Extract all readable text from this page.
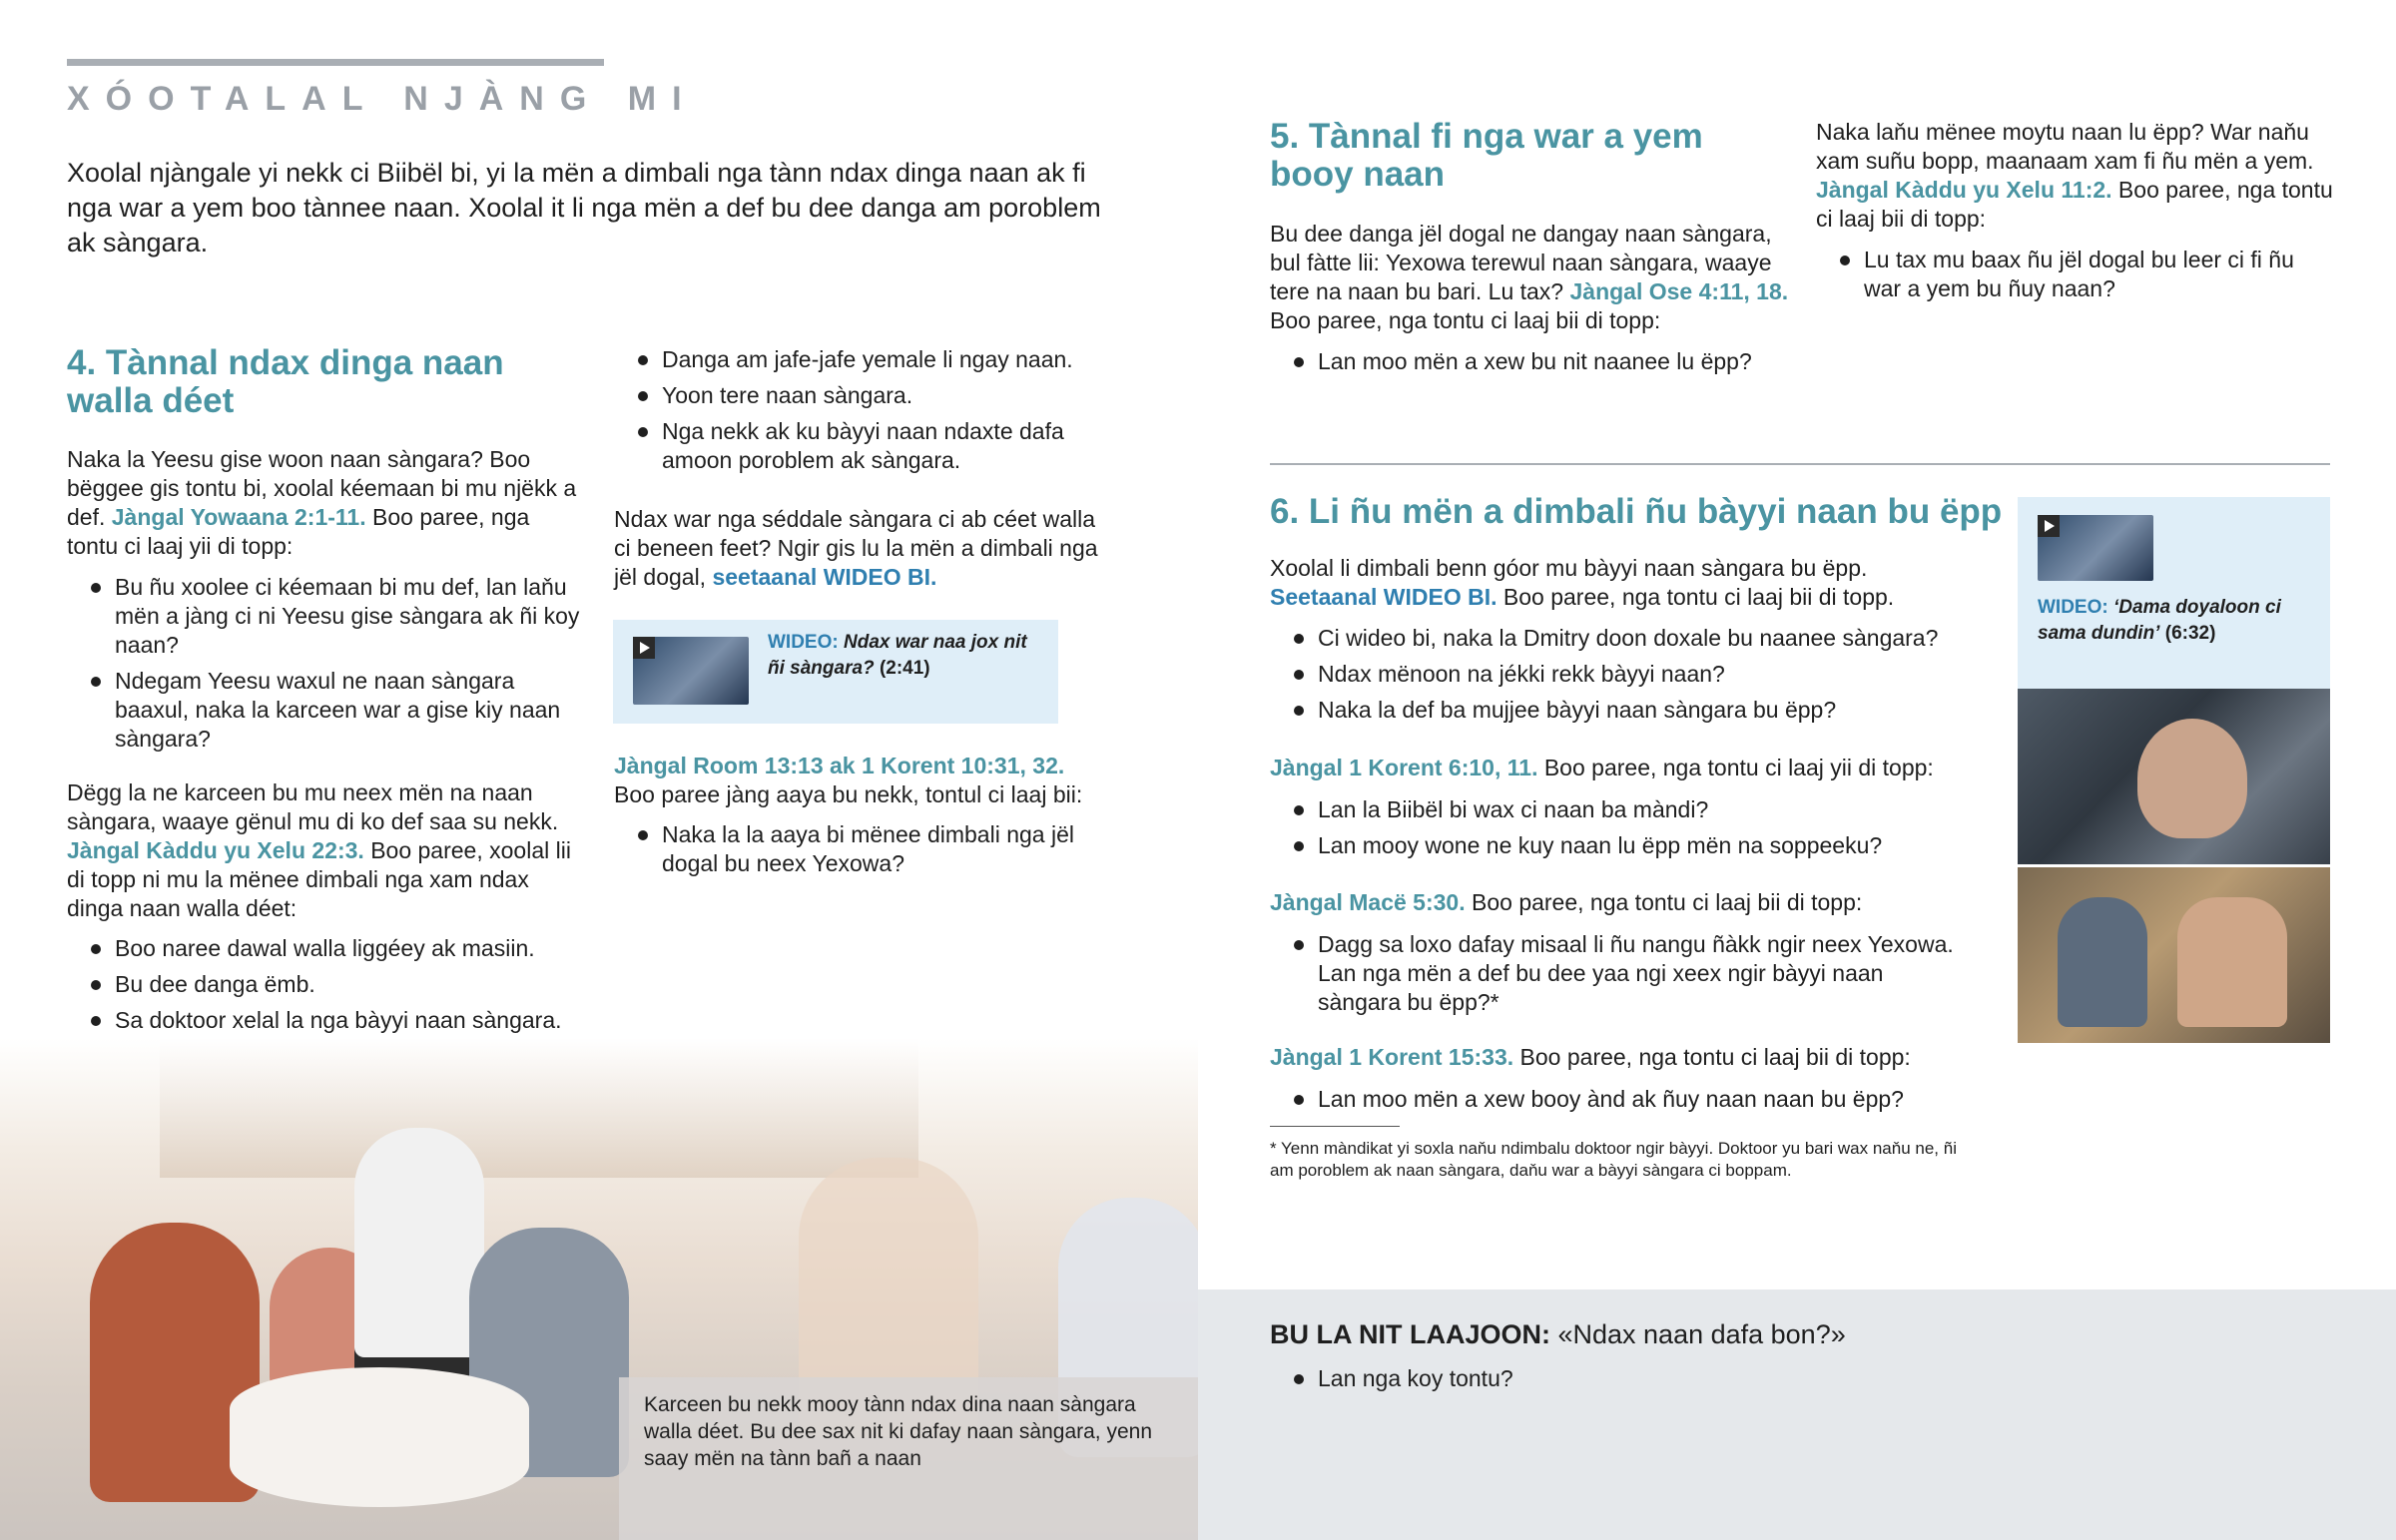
XÓOTALAL NJÀNG MI

Xoolal njàngale yi nekk ci Biibël bi, yi la mën a dimbali nga tànn ndax dinga naan ak fi nga war a yem boo tànnee naan. Xoolal it li nga mën a def bu dee danga am poroblem ak sàngara.

4. Tànnal ndax dinga naan walla déet

Naka la Yeesu gise woon naan sàngara? Boo bëggee gis tontu bi, xoolal kéemaan bi mu njëkk a def. Jàngal Yowaana 2:1-11. Boo paree, nga tontu ci laaj yii di topp:

Bu ñu xoolee ci kéemaan bi mu def, lan laňu mën a jàng ci ni Yeesu gise sàngara ak ñi koy naan?
Ndegam Yeesu waxul ne naan sàngara baaxul, naka la karceen war a gise kiy naan sàngara?

Dëgg la ne karceen bu mu neex mën na naan sàngara, waaye gënul mu di ko def saa su nekk. Jàngal Kàddu yu Xelu 22:3. Boo paree, xoolal lii di topp ni mu la mënee dimbali nga xam ndax dinga naan walla déet:

Boo naree dawal walla liggéey ak masiin.
Bu dee danga ëmb.
Sa doktoor xelal la nga bàyyi naan sàngara.
Danga am jafe-jafe yemale li ngay naan.
Yoon tere naan sàngara.
Nga nekk ak ku bàyyi naan ndaxte dafa amoon poroblem ak sàngara.

Ndax war nga séddale sàngara ci ab céet walla ci beneen feet? Ngir gis lu la mën a dimbali nga jël dogal, seetaanal WIDEO BI.

WIDEO: Ndax war naa jox nit ñi sàngara? (2:41)

Jàngal Room 13:13 ak 1 Korent 10:31, 32.
Boo paree jàng aaya bu nekk, tontul ci laaj bii:

Naka la la aaya bi mënee dimbali nga jël dogal bu neex Yexowa?

Karceen bu nekk mooy tànn ndax dina naan sàngara walla déet. Bu dee sax nit ki dafay naan sàngara, yenn saay mën na tànn bañ a naan

5. Tànnal fi nga war a yem booy naan

Bu dee danga jël dogal ne dangay naan sàngara, bul fàtte lii: Yexowa terewul naan sàngara, waaye tere na naan bu bari. Lu tax? Jàngal Ose 4:11, 18. Boo paree, nga tontu ci laaj bii di topp:

Lan moo mën a xew bu nit naanee lu ëpp?

Naka laňu mënee moytu naan lu ëpp? War naňu xam suñu bopp, maanaam xam fi ñu mën a yem. Jàngal Kàddu yu Xelu 11:2. Boo paree, nga tontu ci laaj bii di topp:

Lu tax mu baax ñu jël dogal bu leer ci fi ñu war a yem bu ñuy naan?
6. Li ñu mën a dimbali ñu bàyyi naan bu ëpp

Xoolal li dimbali benn góor mu bàyyi naan sàngara bu ëpp.
Seetaanal WIDEO BI. Boo paree, nga tontu ci laaj bii di topp.

Ci wideo bi, naka la Dmitry doon doxale bu naanee sàngara?
Ndax mënoon na jékki rekk bàyyi naan?
Naka la def ba mujjee bàyyi naan sàngara bu ëpp?

Jàngal 1 Korent 6:10, 11. Boo paree, nga tontu ci laaj yii di topp:

Lan la Biibël bi wax ci naan ba màndi?
Lan mooy wone ne kuy naan lu ëpp mën na soppeeku?

Jàngal Macë 5:30. Boo paree, nga tontu ci laaj bii di topp:

Dagg sa loxo dafay misaal li ñu nangu ñàkk ngir neex Yexowa. Lan nga mën a def bu dee yaa ngi xeex ngir bàyyi naan sàngara bu ëpp?*

Jàngal 1 Korent 15:33. Boo paree, nga tontu ci laaj bii di topp:

Lan moo mën a xew booy ànd ak ñuy naan naan bu ëpp?

* Yenn màndikat yi soxla naňu ndimbalu doktoor ngir bàyyi. Doktoor yu bari wax naňu ne, ñi am poroblem ak naan sàngara, daňu war a bàyyi sàngara ci boppam.

WIDEO: ‘Dama doyaloon ci sama dundin’ (6:32)

BU LA NIT LAAJOON: «Ndax naan dafa bon?»

Lan nga koy tontu?
